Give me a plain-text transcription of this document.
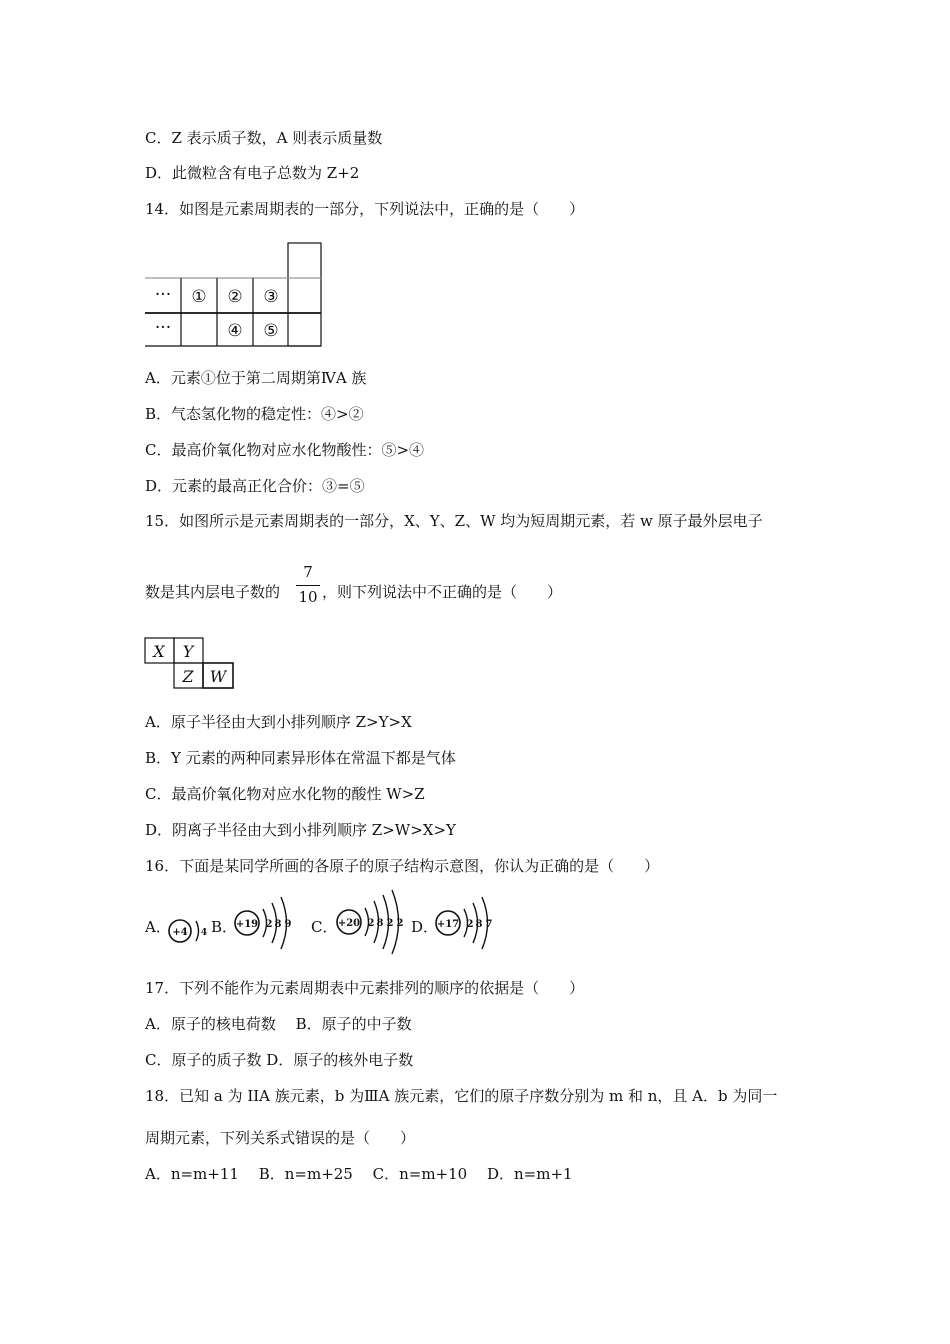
C．Z 表示质子数，A 则表示质量数
D．此微粒含有电子总数为 Z+2
14．如图是元素周期表的一部分，下列说法中，正确的是（　　）
··· ① ② ③
···	④ ⑤
A．元素①位于第二周期第ⅣA 族
B．气态氢化物的稳定性：④>②
C．最高价氧化物对应水化物酸性：⑤>④
D．元素的最高正化合价：③=⑤
15．如图所示是元素周期表的一部分，X、Y、Z、W 均为短周期元素，若 w 原子最外层电子
数是其内层电子数的
7
10 ，则下列说法中不正确的是（　　）
X Y
Z W
A．原子半径由大到小排列顺序 Z>Y>X
B．Y 元素的两种同素异形体在常温下都是气体
C．最高价氧化物对应水化物的酸性 W>Z
D．阴离子半径由大到小排列顺序 Z>W>X>Y
16．下面是某同学所画的各原子的原子结构示意图，你认为正确的是（　　）
A． +4 4 B．
+19 2 8 9 C． +20 2 8 2 2 D．
+17 2 8 7
17．下列不能作为元素周期表中元素排列的顺序的依据是（　　）
A．原子的核电荷数　 B．原子的中子数
C．原子的质子数 D．原子的核外电子数
18．已知 a 为 IIA 族元素，b 为ⅢA 族元素，它们的原子序数分别为 m 和 n，且 A．b 为同一
周期元素，下列关系式错误的是（　　）
A．n=m+11　 B．n=m+25　 C．n=m+10　 D．n=m+1
